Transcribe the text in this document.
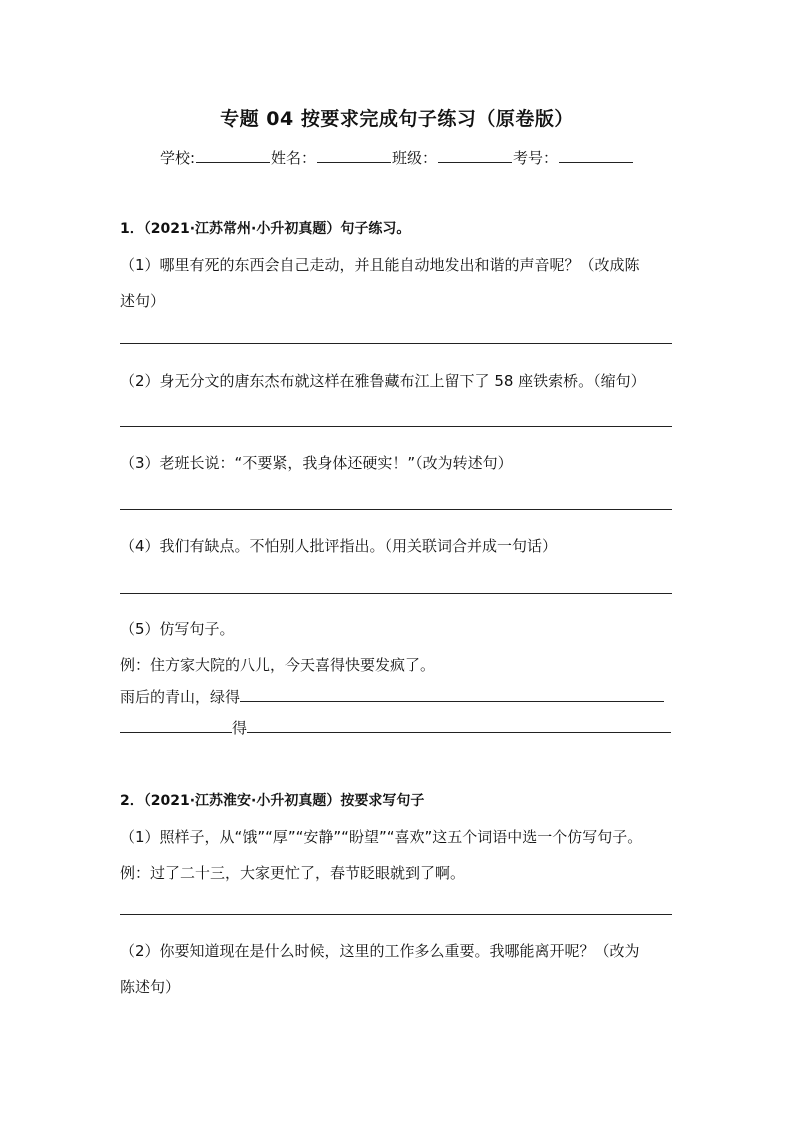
专题 04 按要求完成句子练习（原卷版）
学校:	姓名：	班级：	考号：
1．（2021·江苏常州·小升初真题）句子练习。
（1）哪里有死的东西会自己走动，并且能自动地发出和谐的声音呢？（改成陈
述句）
（2）身无分文的唐东杰布就这样在雅鲁藏布江上留下了 58 座铁索桥。（缩句）
（3）老班长说：“不要紧，我身体还硬实！”（改为转述句）
（4）我们有缺点。不怕别人批评指出。（用关联词合并成一句话）
（5）仿写句子。
例：住方家大院的八儿，今天喜得快要发疯了。
雨后的青山，绿得
得
2．（2021·江苏淮安·小升初真题）按要求写句子
（1）照样子，从“饿”“厚”“安静”“盼望”“喜欢”这五个词语中选一个仿写句子。
例：过了二十三，大家更忙了，春节眨眼就到了啊。
（2）你要知道现在是什么时候，这里的工作多么重要。我哪能离开呢？（改为
陈述句）
